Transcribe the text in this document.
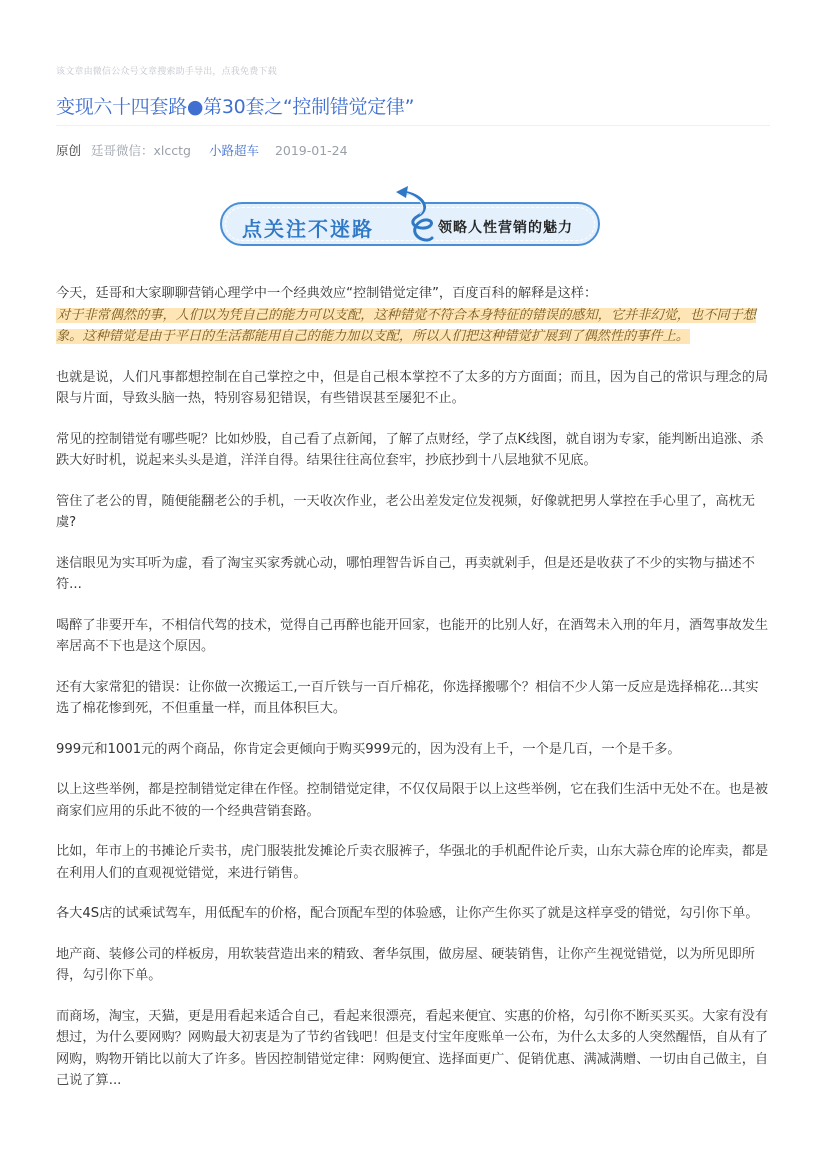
该文章由微信公众号文章搜索助手导出，点我免费下载
变现六十四套路●第30套之“控制错觉定律”
原创 廷哥微信：xlcctg 小路超车 2019-01-24
点关注不迷路	领略人性营销的魅力

今天，廷哥和大家聊聊营销心理学中一个经典效应“控制错觉定律”，百度百科的解释是这样：
对于非常偶然的事，人们以为凭自己的能力可以支配，这种错觉不符合本身特征的错误的感知，它并非幻觉，也不同于想象。这种错觉是由于平日的生活都能用自己的能力加以支配，所以人们把这种错觉扩展到了偶然性的事件上。

也就是说，人们凡事都想控制在自己掌控之中，但是自己根本掌控不了太多的方方面面；而且，因为自己的常识与理念的局限与片面，导致头脑一热，特别容易犯错误，有些错误甚至屡犯不止。

常见的控制错觉有哪些呢？比如炒股，自己看了点新闻，了解了点财经，学了点K线图，就自诩为专家，能判断出追涨、杀跌大好时机，说起来头头是道，洋洋自得。结果往往高位套牢，抄底抄到十八层地狱不见底。

管住了老公的胃，随便能翻老公的手机，一天收次作业，老公出差发定位发视频，好像就把男人掌控在手心里了，高枕无虞?

迷信眼见为实耳听为虚，看了淘宝买家秀就心动，哪怕理智告诉自己，再卖就剁手，但是还是收获了不少的实物与描述不符...

喝醉了非要开车，不相信代驾的技术，觉得自己再醉也能开回家，也能开的比别人好，在酒驾未入刑的年月，酒驾事故发生率居高不下也是这个原因。

还有大家常犯的错误：让你做一次搬运工,一百斤铁与一百斤棉花，你选择搬哪个？相信不少人第一反应是选择棉花...其实选了棉花惨到死，不但重量一样，而且体积巨大。

999元和1001元的两个商品，你肯定会更倾向于购买999元的，因为没有上千，一个是几百，一个是千多。

以上这些举例，都是控制错觉定律在作怪。控制错觉定律，不仅仅局限于以上这些举例，它在我们生活中无处不在。也是被商家们应用的乐此不彼的一个经典营销套路。

比如，年市上的书摊论斤卖书，虎门服装批发摊论斤卖衣服裤子，华强北的手机配件论斤卖，山东大蒜仓库的论库卖，都是在利用人们的直观视觉错觉，来进行销售。

各大4S店的试乘试驾车，用低配车的价格，配合顶配车型的体验感，让你产生你买了就是这样享受的错觉，勾引你下单。

地产商、装修公司的样板房，用软装营造出来的精致、奢华氛围，做房屋、硬装销售，让你产生视觉错觉，以为所见即所得，勾引你下单。

而商场，淘宝，天猫，更是用看起来适合自己，看起来很漂亮，看起来便宜、实惠的价格，勾引你不断买买买。大家有没有想过，为什么要网购？网购最大初衷是为了节约省钱吧！但是支付宝年度账单一公布，为什么太多的人突然醒悟，自从有了网购，购物开销比以前大了许多。皆因控制错觉定律：网购便宜、选择面更广、促销优惠、满减满赠、一切由自己做主，自己说了算...
